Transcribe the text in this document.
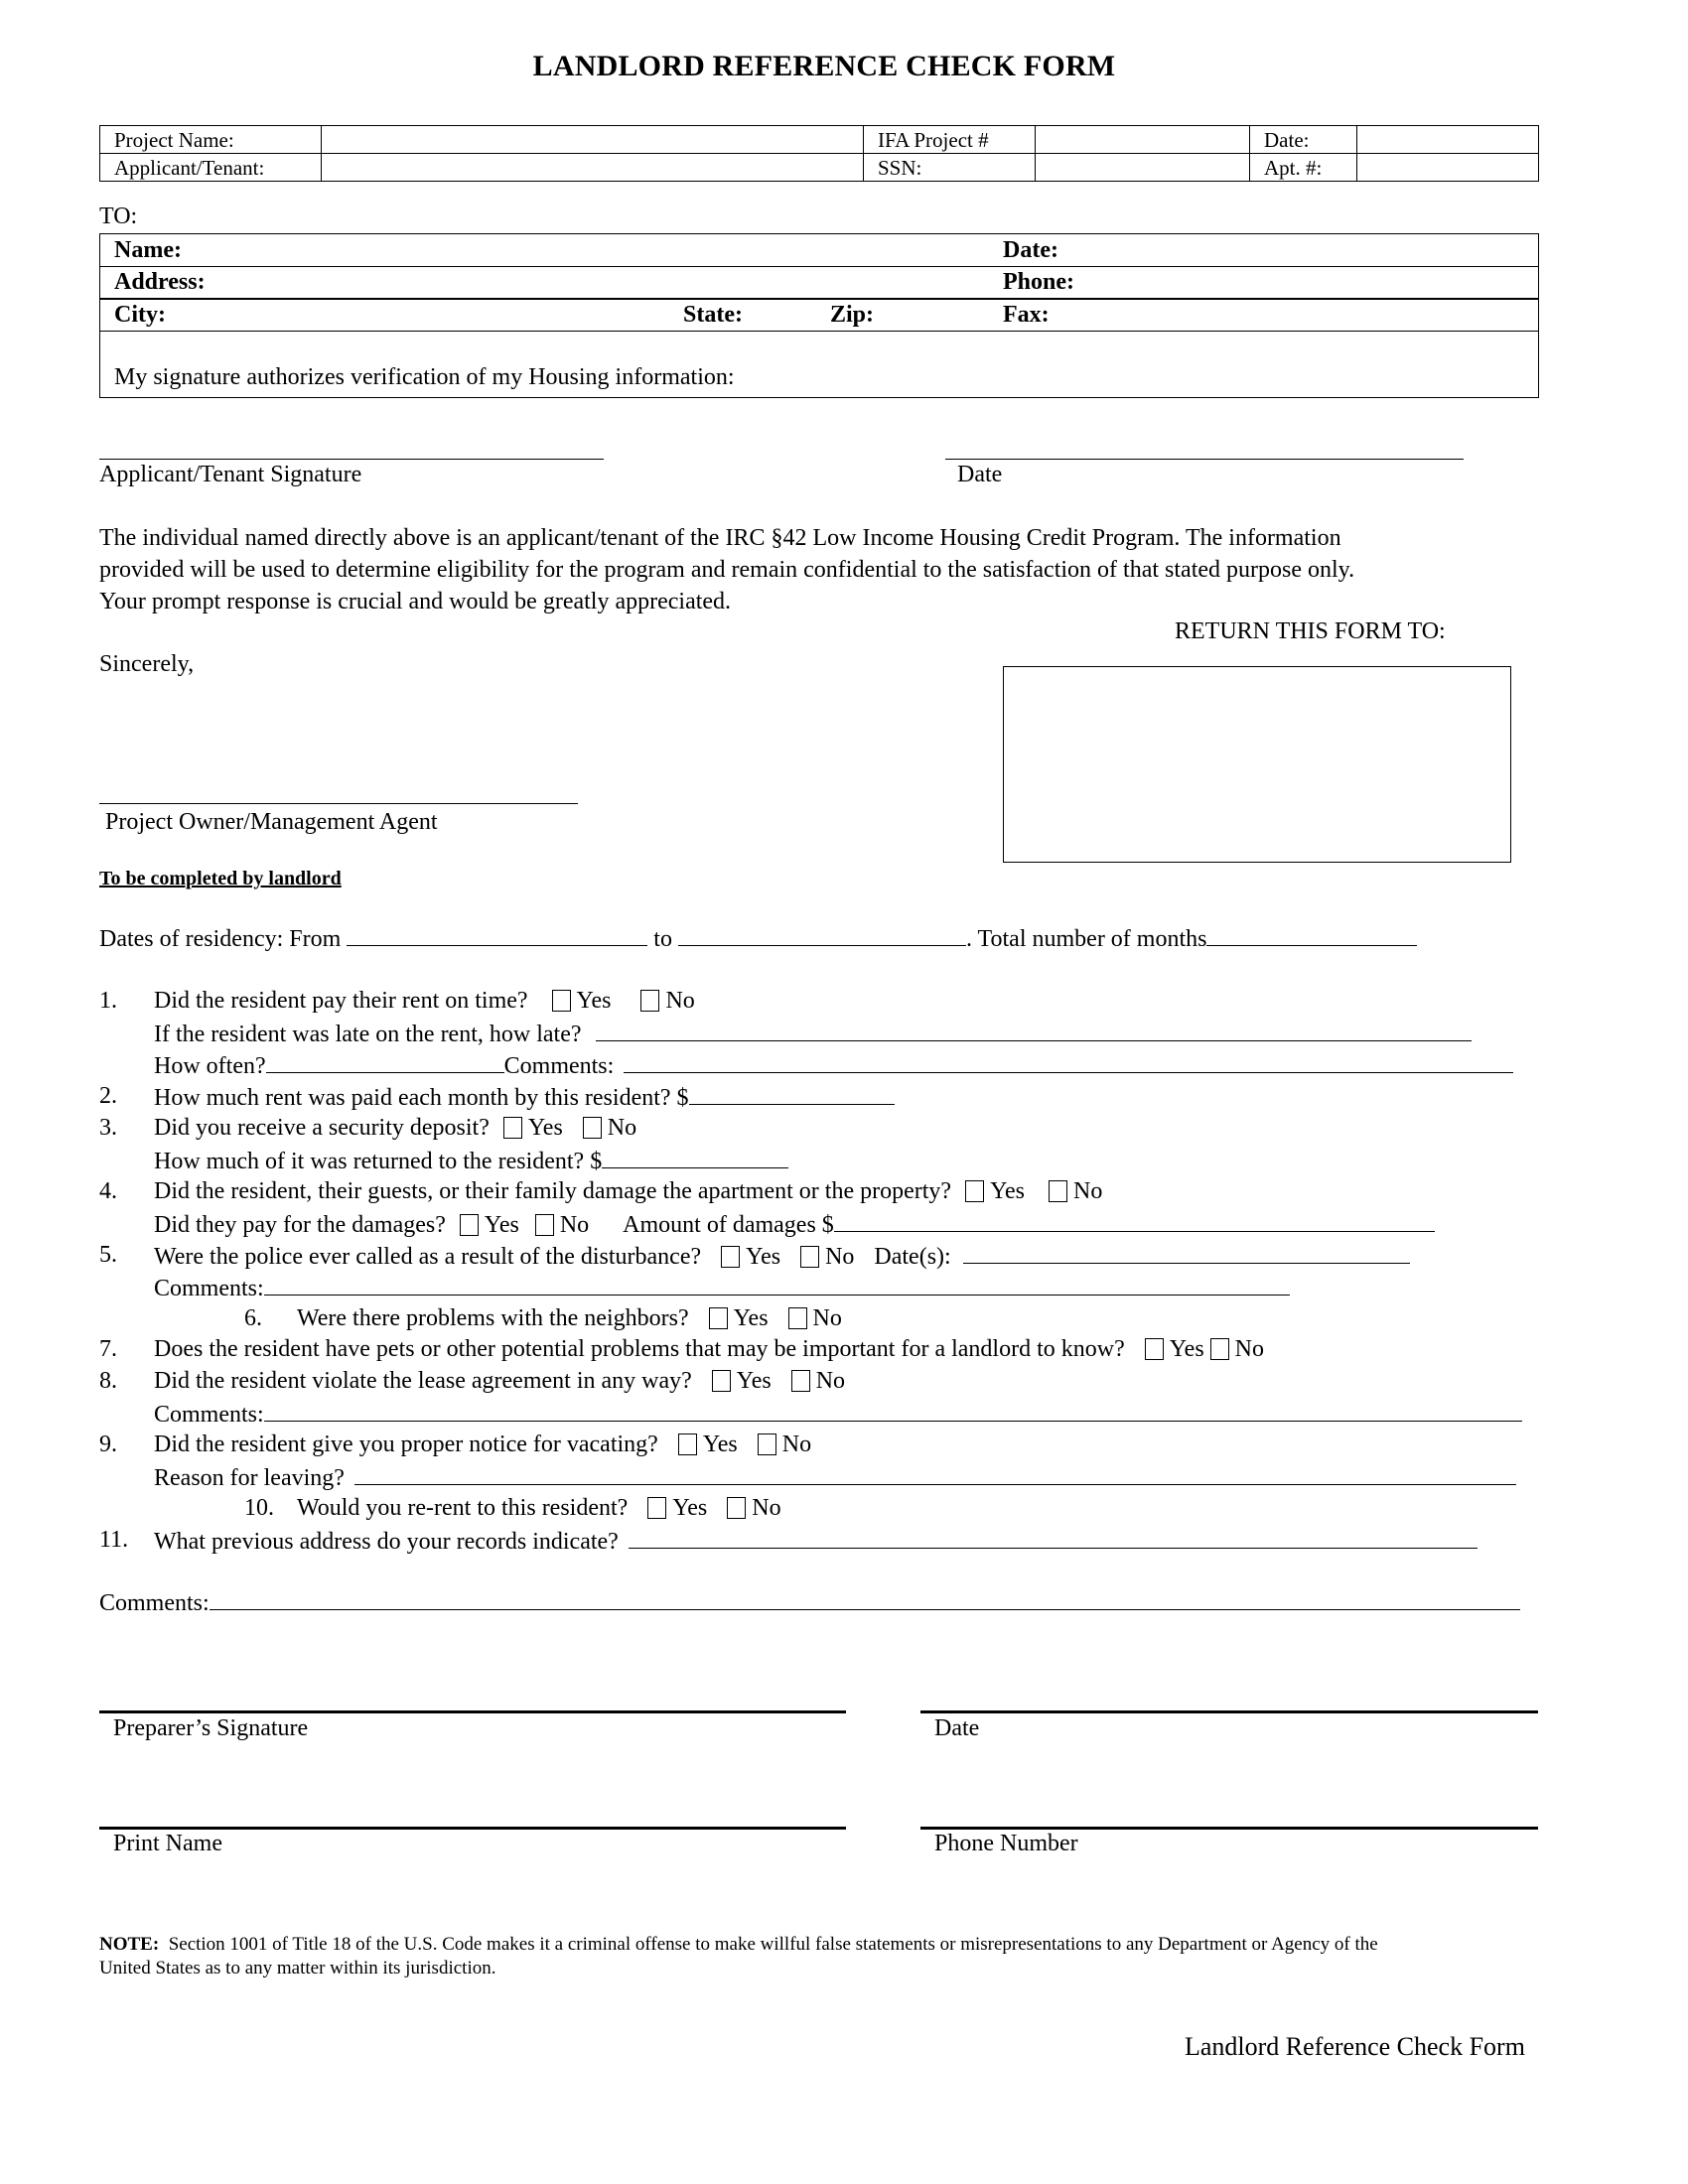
LANDLORD REFERENCE CHECK FORM
Project Name:		IFA Project #		Date:	
Applicant/Tenant:		SSN:		Apt. #:	
TO:
Name:	Date:
Address:	Phone:
City:	State:	Zip:	Fax:
My signature authorizes verification of my Housing information:
Applicant/Tenant Signature	Date
The individual named directly above is an applicant/tenant of the IRC §42 Low Income Housing Credit Program. The information
provided will be used to determine eligibility for the program and remain confidential to the satisfaction of that stated purpose only.
Your prompt response is crucial and would be greatly appreciated.
RETURN THIS FORM TO:
Sincerely,
Project Owner/Management Agent
To be completed by landlord
Dates of residency: From	to	. Total number of months
1. Did the resident pay their rent on time? Yes No
If the resident was late on the rent, how late?
How often?	Comments:
2. How much rent was paid each month by this resident? $
3. Did you receive a security deposit? Yes No
How much of it was returned to the resident? $
4. Did the resident, their guests, or their family damage the apartment or the property? Yes No
Did they pay for the damages? Yes No Amount of damages $
5. Were the police ever called as a result of the disturbance? Yes No Date(s):
Comments:
6. Were there problems with the neighbors? Yes No
7. Does the resident have pets or other potential problems that may be important for a landlord to know? Yes No
8. Did the resident violate the lease agreement in any way? Yes No
Comments:
9. Did the resident give you proper notice for vacating? Yes No
Reason for leaving?
10. Would you re-rent to this resident? Yes No
11. What previous address do your records indicate?
Comments:
Preparer’s Signature	Date
Print Name	Phone Number
NOTE:  Section 1001 of Title 18 of the U.S. Code makes it a criminal offense to make willful false statements or misrepresentations to any Department or Agency of the
United States as to any matter within its jurisdiction.
Landlord Reference Check Form
